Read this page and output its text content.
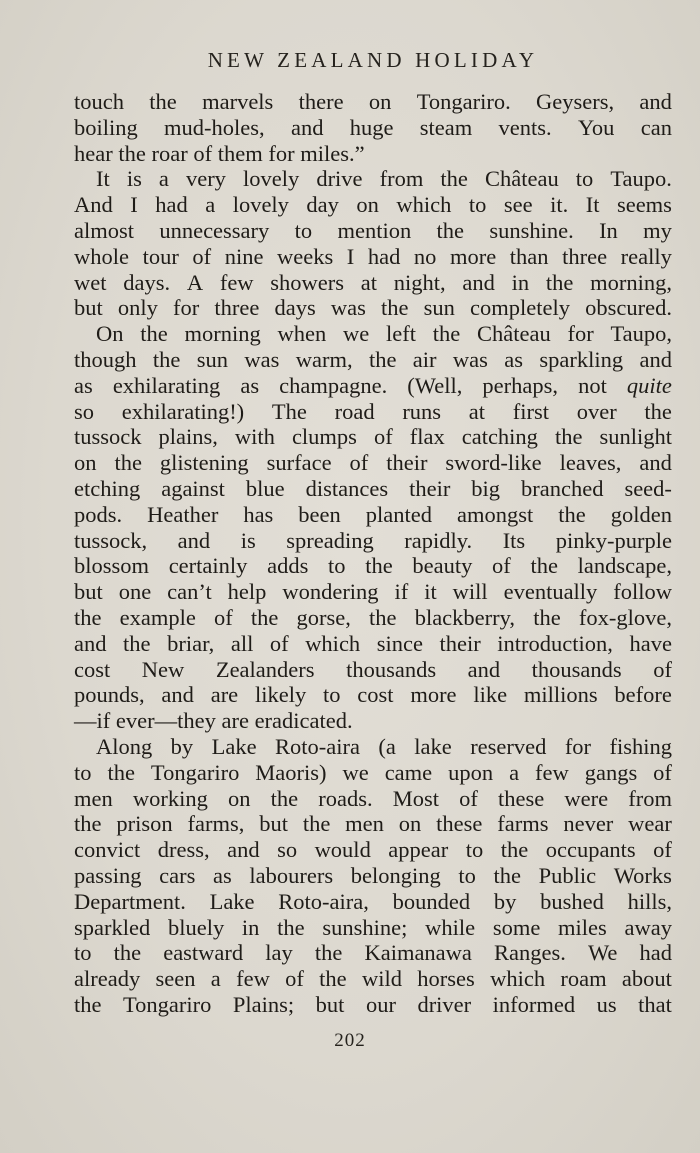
NEW ZEALAND HOLIDAY
touch the marvels there on Tongariro. Geysers, and
boiling mud-holes, and huge steam vents. You can
hear the roar of them for miles.”
It is a very lovely drive from the Château to Taupo.
And I had a lovely day on which to see it. It seems
almost unnecessary to mention the sunshine. In my
whole tour of nine weeks I had no more than three really
wet days. A few showers at night, and in the morning,
but only for three days was the sun completely obscured.
On the morning when we left the Château for Taupo,
though the sun was warm, the air was as sparkling and
as exhilarating as champagne. (Well, perhaps, not quite
so exhilarating!) The road runs at first over the
tussock plains, with clumps of flax catching the sunlight
on the glistening surface of their sword-like leaves, and
etching against blue distances their big branched seed-
pods. Heather has been planted amongst the golden
tussock, and is spreading rapidly. Its pinky-purple
blossom certainly adds to the beauty of the landscape,
but one can’t help wondering if it will eventually follow
the example of the gorse, the blackberry, the fox-glove,
and the briar, all of which since their introduction, have
cost New Zealanders thousands and thousands of
pounds, and are likely to cost more like millions before
—if ever—they are eradicated.
Along by Lake Roto-aira (a lake reserved for fishing
to the Tongariro Maoris) we came upon a few gangs of
men working on the roads. Most of these were from
the prison farms, but the men on these farms never wear
convict dress, and so would appear to the occupants of
passing cars as labourers belonging to the Public Works
Department. Lake Roto-aira, bounded by bushed hills,
sparkled bluely in the sunshine; while some miles away
to the eastward lay the Kaimanawa Ranges. We had
already seen a few of the wild horses which roam about
the Tongariro Plains; but our driver informed us that
202
